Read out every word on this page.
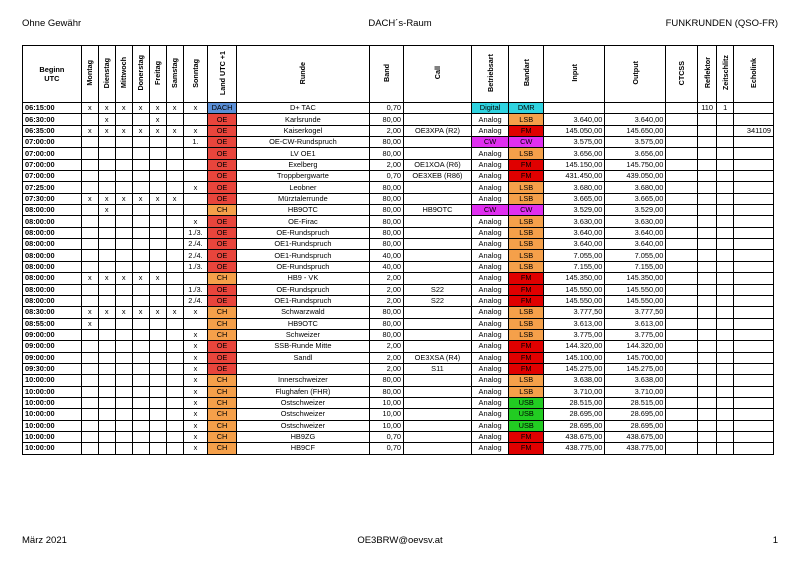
Ohne Gewähr	DACH´s-Raum	FUNKRUNDEN (QSO-FR)
Beginn UTC	Montag	Dienstag	Mittwoch	Donerstag	Freitag	Samstag	Sonntag	Land UTC +1	Runde	Band	Call	Betriebsart	Bandart	Input	Output	CTCSS	Reflektor	Zeitschlitz	Echolink
06:15:00	x	x	x	x	x	x	x	DACH	D+ TAC	0,70		Digital	DMR				110	1	
06:30:00		x			x			OE	Karlsrunde	80,00		Analog	LSB	3.640,00	3.640,00				
06:35:00	x	x	x	x	x	x	x	OE	Kaiserkogel	2,00	OE3XPA (R2)	Analog	FM	145.050,00	145.650,00				341109
07:00:00							1.	OE	OE-CW-Rundspruch	80,00		CW	CW	3.575,00	3.575,00				
07:00:00								OE	LV OE1	80,00		Analog	LSB	3.656,00	3.656,00				
07:00:00								OE	Exelberg	2,00	OE1XOA (R6)	Analog	FM	145.150,00	145.750,00				
07:00:00								OE	Troppbergwarte	0,70	OE3XEB (R86)	Analog	FM	431.450,00	439.050,00				
07:25:00							x	OE	Leobner	80,00		Analog	LSB	3.680,00	3.680,00				
07:30:00	x	x	x	x	x	x		OE	Mürztalerrunde	80,00		Analog	LSB	3.665,00	3.665,00				
08:00:00		x						CH	HB9OTC	80,00	HB9OTC	CW	CW	3.529,00	3.529,00				
08:00:00							x	OE	OE-Firac	80,00		Analog	LSB	3.630,00	3.630,00				
08:00:00							1./3.	OE	OE-Rundspruch	80,00		Analog	LSB	3.640,00	3.640,00				
08:00:00							2./4.	OE	OE1-Rundspruch	80,00		Analog	LSB	3.640,00	3.640,00				
08:00:00							2./4.	OE	OE1-Rundspruch	40,00		Analog	LSB	7.055,00	7.055,00				
08:00:00							1./3.	OE	OE-Rundspruch	40,00		Analog	LSB	7.155,00	7.155,00				
08:00:00	x	x	x	x	x			CH	HB9 - VK	2,00		Analog	FM	145.350,00	145.350,00				
08:00:00							1./3.	OE	OE-Rundspruch	2,00	S22	Analog	FM	145.550,00	145.550,00				
08:00:00							2./4.	OE	OE1-Rundspruch	2,00	S22	Analog	FM	145.550,00	145.550,00				
08:30:00	x	x	x	x	x	x	x	CH	Schwarzwald	80,00		Analog	LSB	3.777,50	3.777,50				
08:55:00	x							CH	HB9OTC	80,00		Analog	LSB	3.613,00	3.613,00				
09:00:00							x	CH	Schweizer	80,00		Analog	LSB	3.775,00	3.775,00				
09:00:00							x	OE	SSB-Runde Mitte	2,00		Analog	FM	144.320,00	144.320,00				
09:00:00							x	OE	Sandl	2,00	OE3XSA (R4)	Analog	FM	145.100,00	145.700,00				
09:30:00							x	OE		2,00	S11	Analog	FM	145.275,00	145.275,00				
10:00:00							x	CH	Innerschweizer	80,00		Analog	LSB	3.638,00	3.638,00				
10:00:00							x	CH	Flughafen (FHR)	80,00		Analog	LSB	3.710,00	3.710,00				
10:00:00							x	CH	Ostschweizer	10,00		Analog	USB	28.515,00	28.515,00				
10:00:00							x	CH	Ostschweizer	10,00		Analog	USB	28.695,00	28.695,00				
10:00:00							x	CH	Ostschweizer	10,00		Analog	USB	28.695,00	28.695,00				
10:00:00							x	CH	HB9ZG	0,70		Analog	FM	438.675,00	438.675,00				
10:00:00							x	CH	HB9CF	0,70		Analog	FM	438.775,00	438.775,00				
März 2021	OE3BRW@oevsv.at	1
